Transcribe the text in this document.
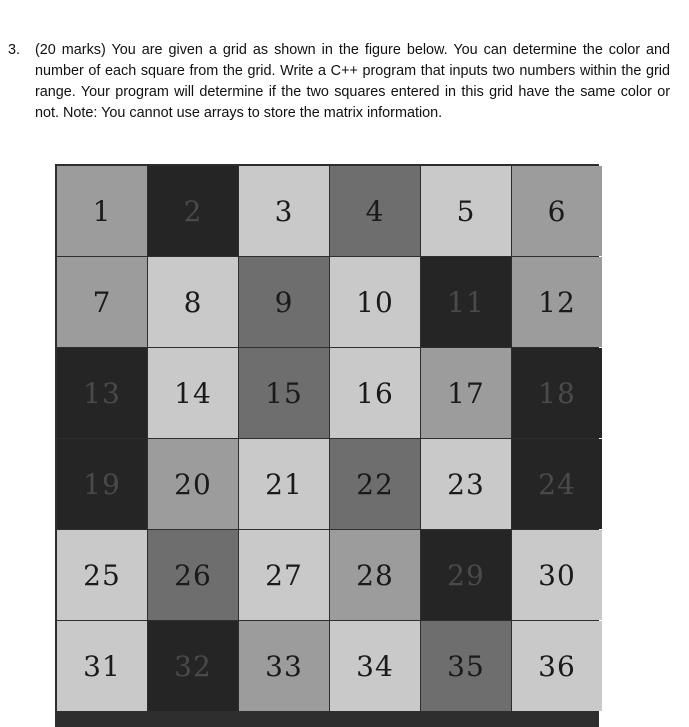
3. (20 marks) You are given a grid as shown in the figure below. You can determine the color and number of each square from the grid. Write a C++ program that inputs two numbers within the grid range. Your program will determine if the two squares entered in this grid have the same color or not. Note: You cannot use arrays to store the matrix information.
1	2	3	4	5	6
7	8	9	10	11	12
13	14	15	16	17	18
19	20	21	22	23	24
25	26	27	28	29	30
31	32	33	34	35	36
